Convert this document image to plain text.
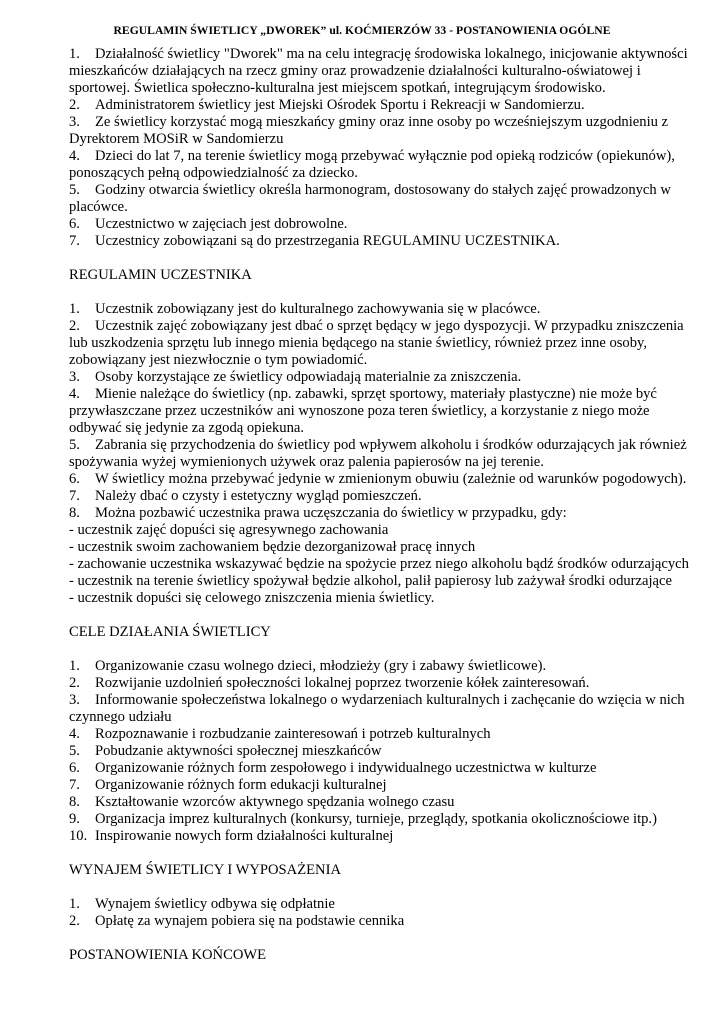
REGULAMIN ŚWIETLICY „DWOREK” ul. KOĆMIERZÓW 33 - POSTANOWIENIA OGÓLNE
1. Działalność świetlicy "Dworek" ma na celu integrację środowiska lokalnego, inicjowanie aktywności mieszkańców działających na rzecz gminy oraz prowadzenie działalności kulturalno-oświatowej i sportowej. Świetlica społeczno-kulturalna jest miejscem spotkań, integrującym środowisko.
2. Administratorem świetlicy jest Miejski Ośrodek Sportu i Rekreacji w Sandomierzu.
3. Ze świetlicy korzystać mogą mieszkańcy gminy oraz inne osoby po wcześniejszym uzgodnieniu z Dyrektorem MOSiR w Sandomierzu
4. Dzieci do lat 7, na terenie świetlicy mogą przebywać wyłącznie pod opieką rodziców (opiekunów), ponoszących pełną odpowiedzialność za dziecko.
5. Godziny otwarcia świetlicy określa harmonogram, dostosowany do stałych zajęć prowadzonych w placówce.
6. Uczestnictwo w zajęciach jest dobrowolne.
7. Uczestnicy zobowiązani są do przestrzegania REGULAMINU UCZESTNIKA.
REGULAMIN UCZESTNIKA
1. Uczestnik zobowiązany jest do kulturalnego zachowywania się w placówce.
2. Uczestnik zajęć zobowiązany jest dbać o sprzęt będący w jego dyspozycji. W przypadku zniszczenia lub uszkodzenia sprzętu lub innego mienia będącego na stanie świetlicy, również przez inne osoby, zobowiązany jest niezwłocznie o tym powiadomić.
3. Osoby korzystające ze świetlicy odpowiadają materialnie za zniszczenia.
4. Mienie należące do świetlicy (np. zabawki, sprzęt sportowy, materiały plastyczne) nie może być przywłaszczane przez uczestników ani wynoszone poza teren świetlicy, a korzystanie z niego może odbywać się jedynie za zgodą opiekuna.
5. Zabrania się przychodzenia do świetlicy pod wpływem alkoholu i środków odurzających jak również spożywania wyżej wymienionych używek oraz palenia papierosów na jej terenie.
6. W świetlicy można przebywać jedynie w zmienionym obuwiu (zależnie od warunków pogodowych).
7. Należy dbać o czysty i estetyczny wygląd pomieszczeń.
8. Można pozbawić uczestnika prawa uczęszczania do świetlicy w przypadku, gdy:
- uczestnik zajęć dopuści się agresywnego zachowania
- uczestnik swoim zachowaniem będzie dezorganizował pracę innych
- zachowanie uczestnika wskazywać będzie na spożycie przez niego alkoholu bądź środków odurzających
- uczestnik na terenie świetlicy spożywał będzie alkohol, palił papierosy lub zażywał środki odurzające
- uczestnik dopuści się celowego zniszczenia mienia świetlicy.
CELE DZIAŁANIA ŚWIETLICY
1. Organizowanie czasu wolnego dzieci, młodzieży (gry i zabawy świetlicowe).
2. Rozwijanie uzdolnień społeczności lokalnej poprzez tworzenie kółek zainteresowań.
3. Informowanie społeczeństwa lokalnego o wydarzeniach kulturalnych i zachęcanie do wzięcia w nich czynnego udziału
4. Rozpoznawanie i rozbudzanie zainteresowań i potrzeb kulturalnych
5. Pobudzanie aktywności społecznej mieszkańców
6. Organizowanie różnych form zespołowego i indywidualnego uczestnictwa w kulturze
7. Organizowanie różnych form edukacji kulturalnej
8. Kształtowanie wzorców aktywnego spędzania wolnego czasu
9. Organizacja imprez kulturalnych (konkursy, turnieje, przeglądy, spotkania okolicznościowe itp.)
10. Inspirowanie nowych form działalności kulturalnej
WYNAJEM ŚWIETLICY I WYPOSAŻENIA
1. Wynajem świetlicy odbywa się odpłatnie
2. Opłatę za wynajem pobiera się na podstawie cennika
POSTANOWIENIA KOŃCOWE
